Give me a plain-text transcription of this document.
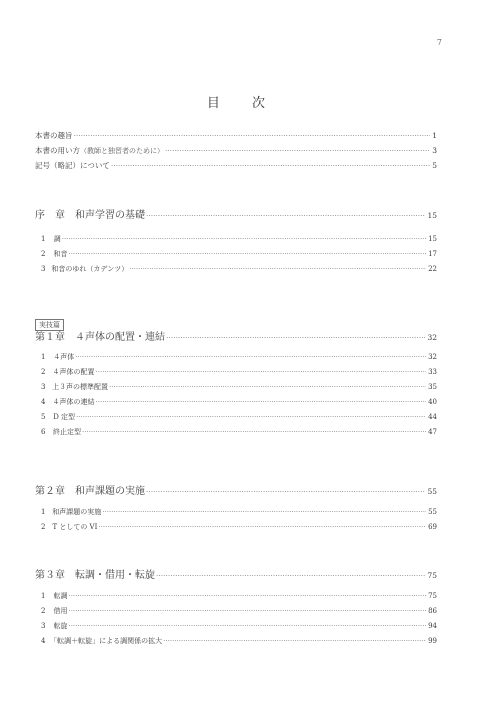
7
目 次
本書の趣旨 ·····	1
本書の用い方 （教師と独習者のために） ·····	3
記号（略記）について ·····	5
序　章　和声学習の基礎 ·····	15
1	調 ·····	15
2	和音 ·····	17
3 和音のゆれ（カデンツ） ·····	22
実技篇
第１章　４声体の配置・連結 ·····	32
1	４声体 ·····	32
2	４声体の配置 ·····	33
3 上３声の標準配置 ·····	35
4	４声体の連結 ·····	40
5	D 定型 ·····	44
6	終止定型 ·····	47
第２章　和声課題の実施 ·····	55
1 和声課題の実施 ·····	55
2 T としての VI ·····	69
第３章　転調・借用・転旋 ·····	75
1	転調 ·····	75
2	借用 ·····	86
3	転旋 ·····	94
4 「転調＋転旋」による調関係の拡大 ·····	99
